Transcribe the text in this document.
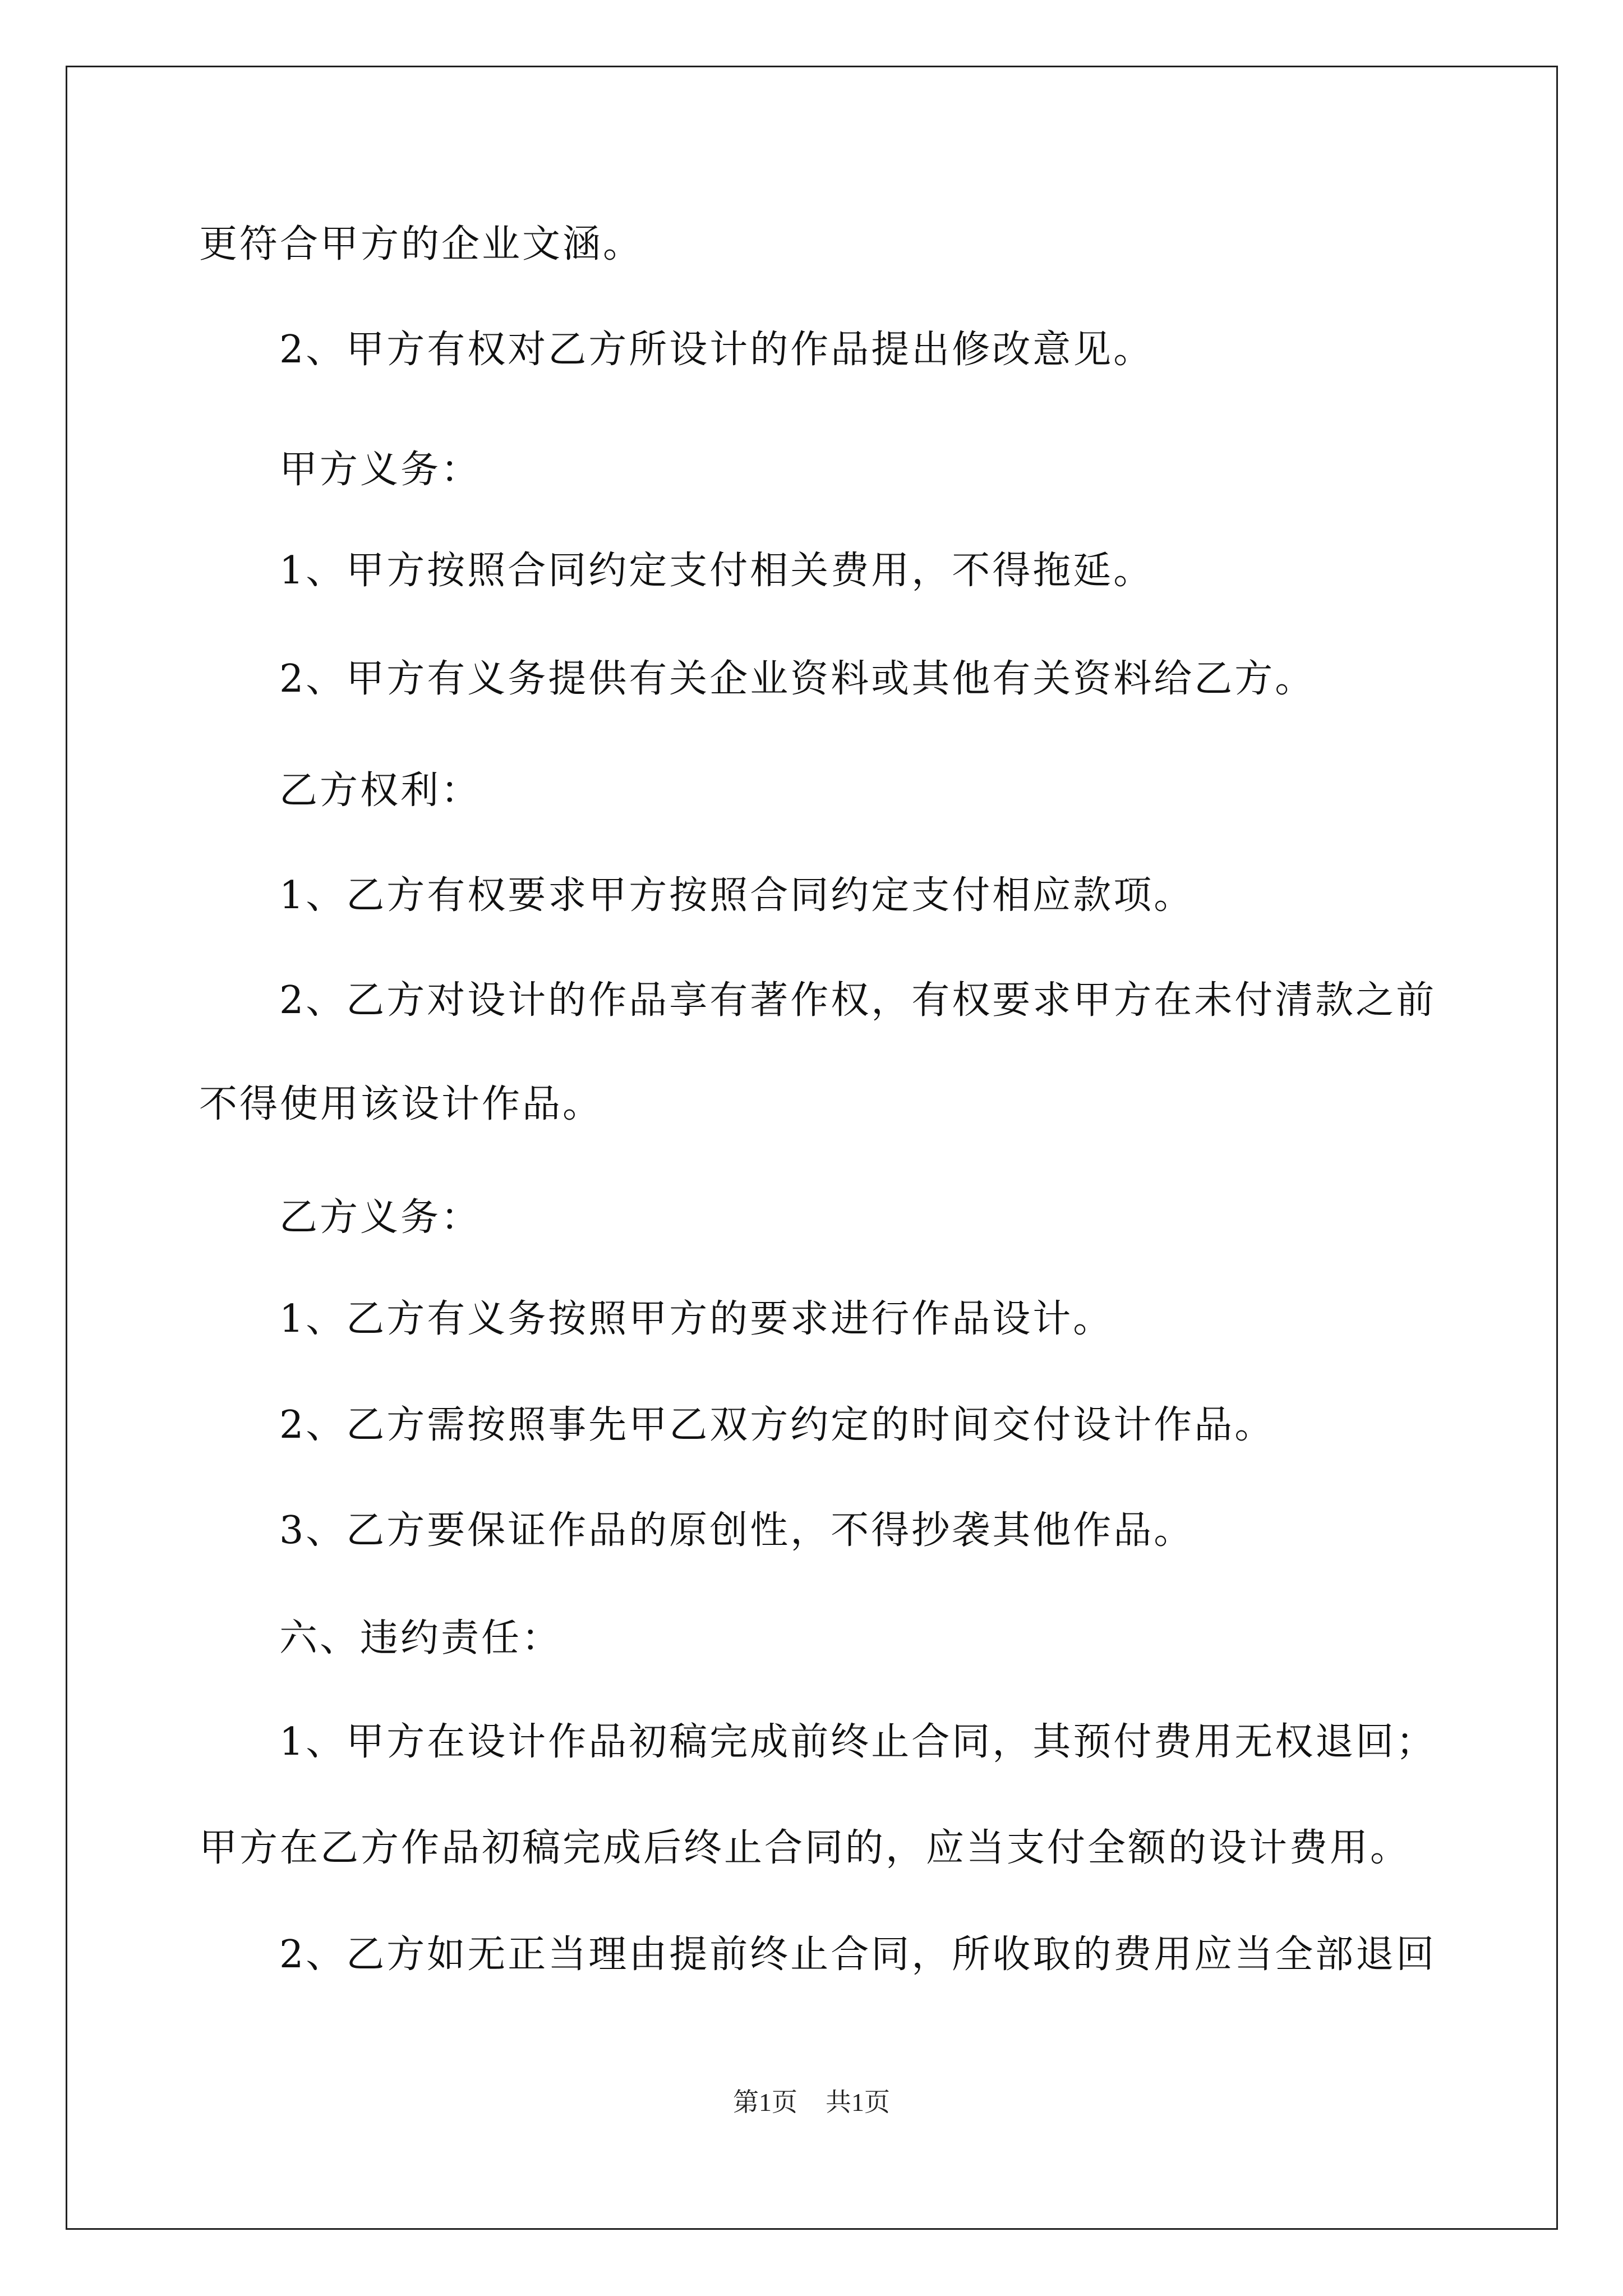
更符合甲方的企业文涵。
2、甲方有权对乙方所设计的作品提出修改意见。
甲方义务：
1、甲方按照合同约定支付相关费用，不得拖延。
2、甲方有义务提供有关企业资料或其他有关资料给乙方。
乙方权利：
1、乙方有权要求甲方按照合同约定支付相应款项。
2、乙方对设计的作品享有著作权，有权要求甲方在未付清款之前
不得使用该设计作品。
乙方义务：
1、乙方有义务按照甲方的要求进行作品设计。
2、乙方需按照事先甲乙双方约定的时间交付设计作品。
3、乙方要保证作品的原创性，不得抄袭其他作品。
六、违约责任：
1、甲方在设计作品初稿完成前终止合同，其预付费用无权退回；
甲方在乙方作品初稿完成后终止合同的，应当支付全额的设计费用。
2、乙方如无正当理由提前终止合同，所收取的费用应当全部退回
第1页 共1页
